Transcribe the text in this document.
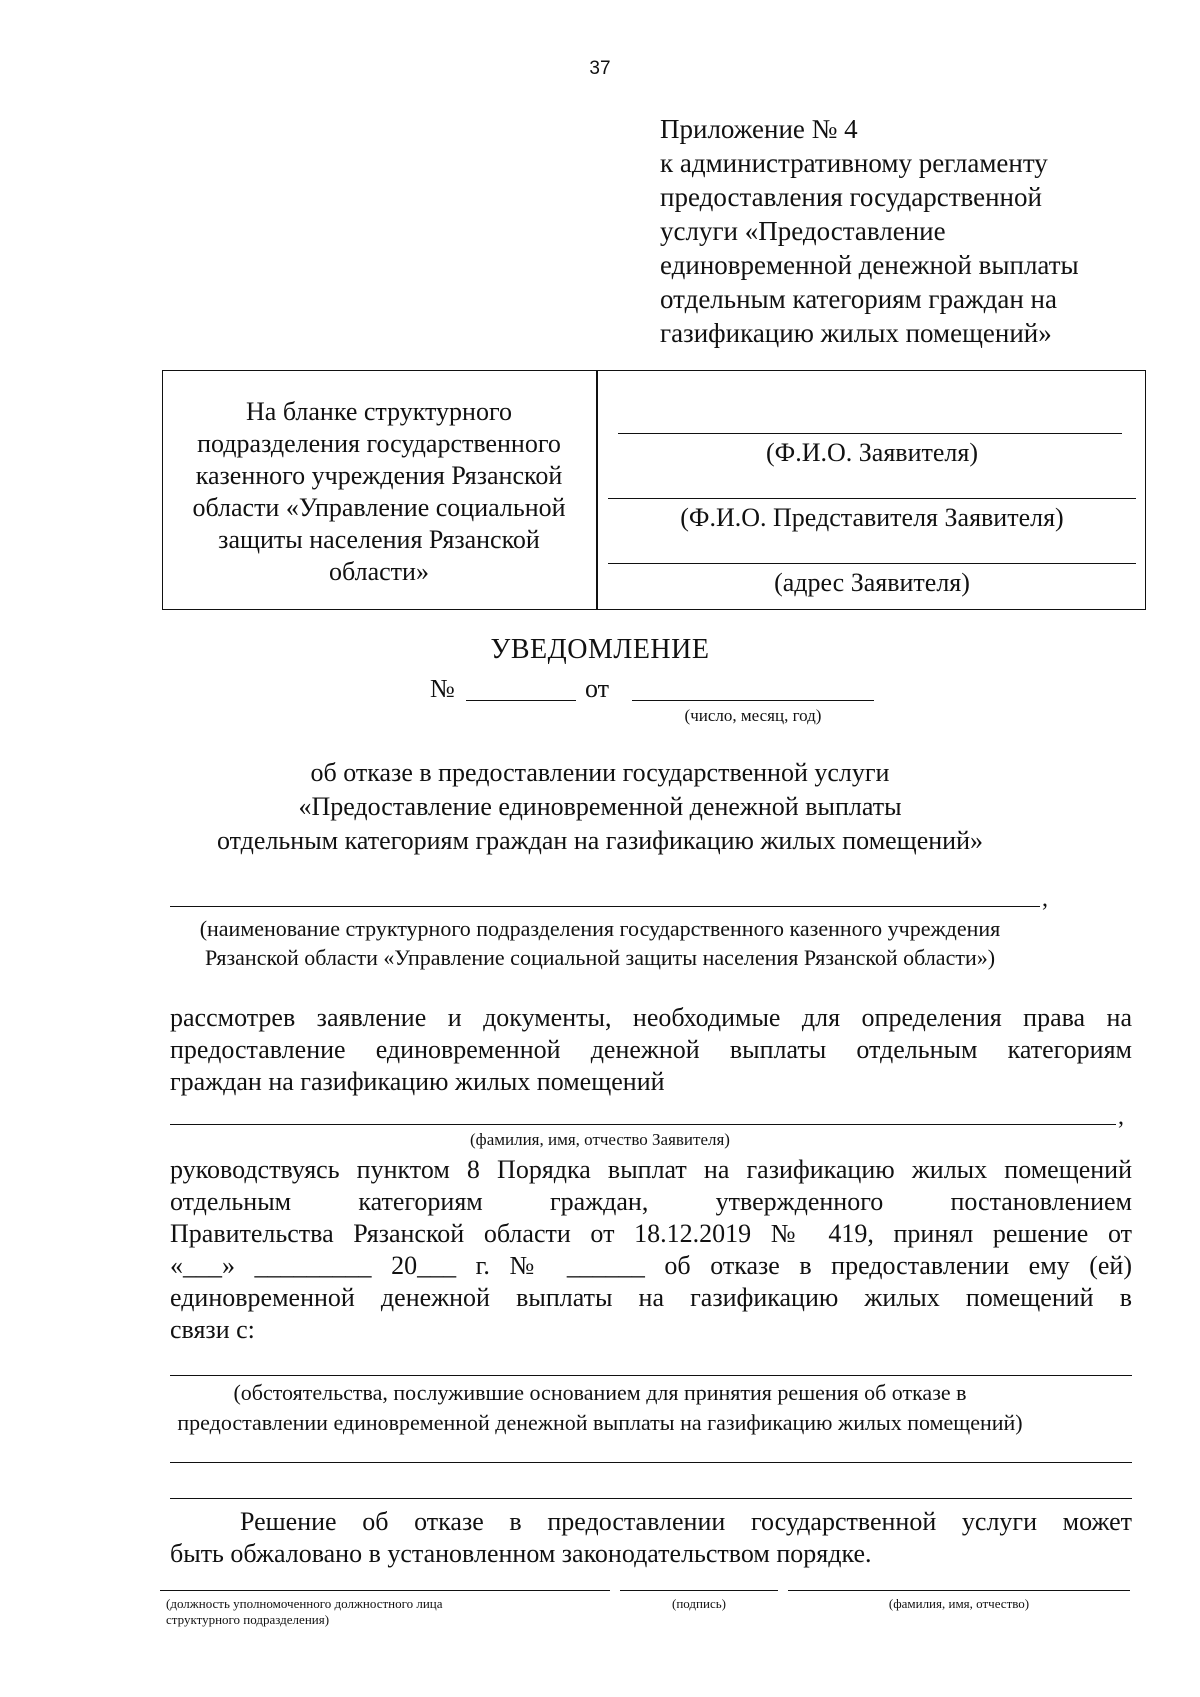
37
Приложение № 4
к административному регламенту
предоставления государственной
услуги «Предоставление
единовременной денежной выплаты
отдельным категориям граждан на
газификацию жилых помещений»
На бланке структурного
подразделения государственного
казенного учреждения Рязанской
области «Управление социальной
защиты населения Рязанской
области»
(Ф.И.О. Заявителя)
(Ф.И.О. Представителя Заявителя)
(адрес Заявителя)
УВЕДОМЛЕНИЕ
№	от
(число, месяц, год)
об отказе в предоставлении государственной услуги
«Предоставление единовременной денежной выплаты
отдельным категориям граждан на газификацию жилых помещений»
,
(наименование структурного подразделения государственного казенного учреждения
Рязанской области «Управление социальной защиты населения Рязанской области»)
рассмотрев заявление и документы, необходимые для определения права на
предоставление единовременной денежной выплаты отдельным категориям
граждан на газификацию жилых помещений
,
(фамилия, имя, отчество Заявителя)
руководствуясь пунктом 8 Порядка выплат на газификацию жилых помещений
отдельным категориям граждан, утвержденного постановлением
Правительства Рязанской области от 18.12.2019 № 419, принял решение от
«___» _________ 20___ г. № ______ об отказе в предоставлении ему (ей)
единовременной денежной выплаты на газификацию жилых помещений в
связи с:
(обстоятельства, послужившие основанием для принятия решения об отказе в
предоставлении единовременной денежной выплаты на газификацию жилых помещений)
Решение об отказе в предоставлении государственной услуги может
быть обжаловано в установленном законодательством порядке.
(должность уполномоченного должностного лица
структурного подразделения)
(подпись)	(фамилия, имя, отчество)
